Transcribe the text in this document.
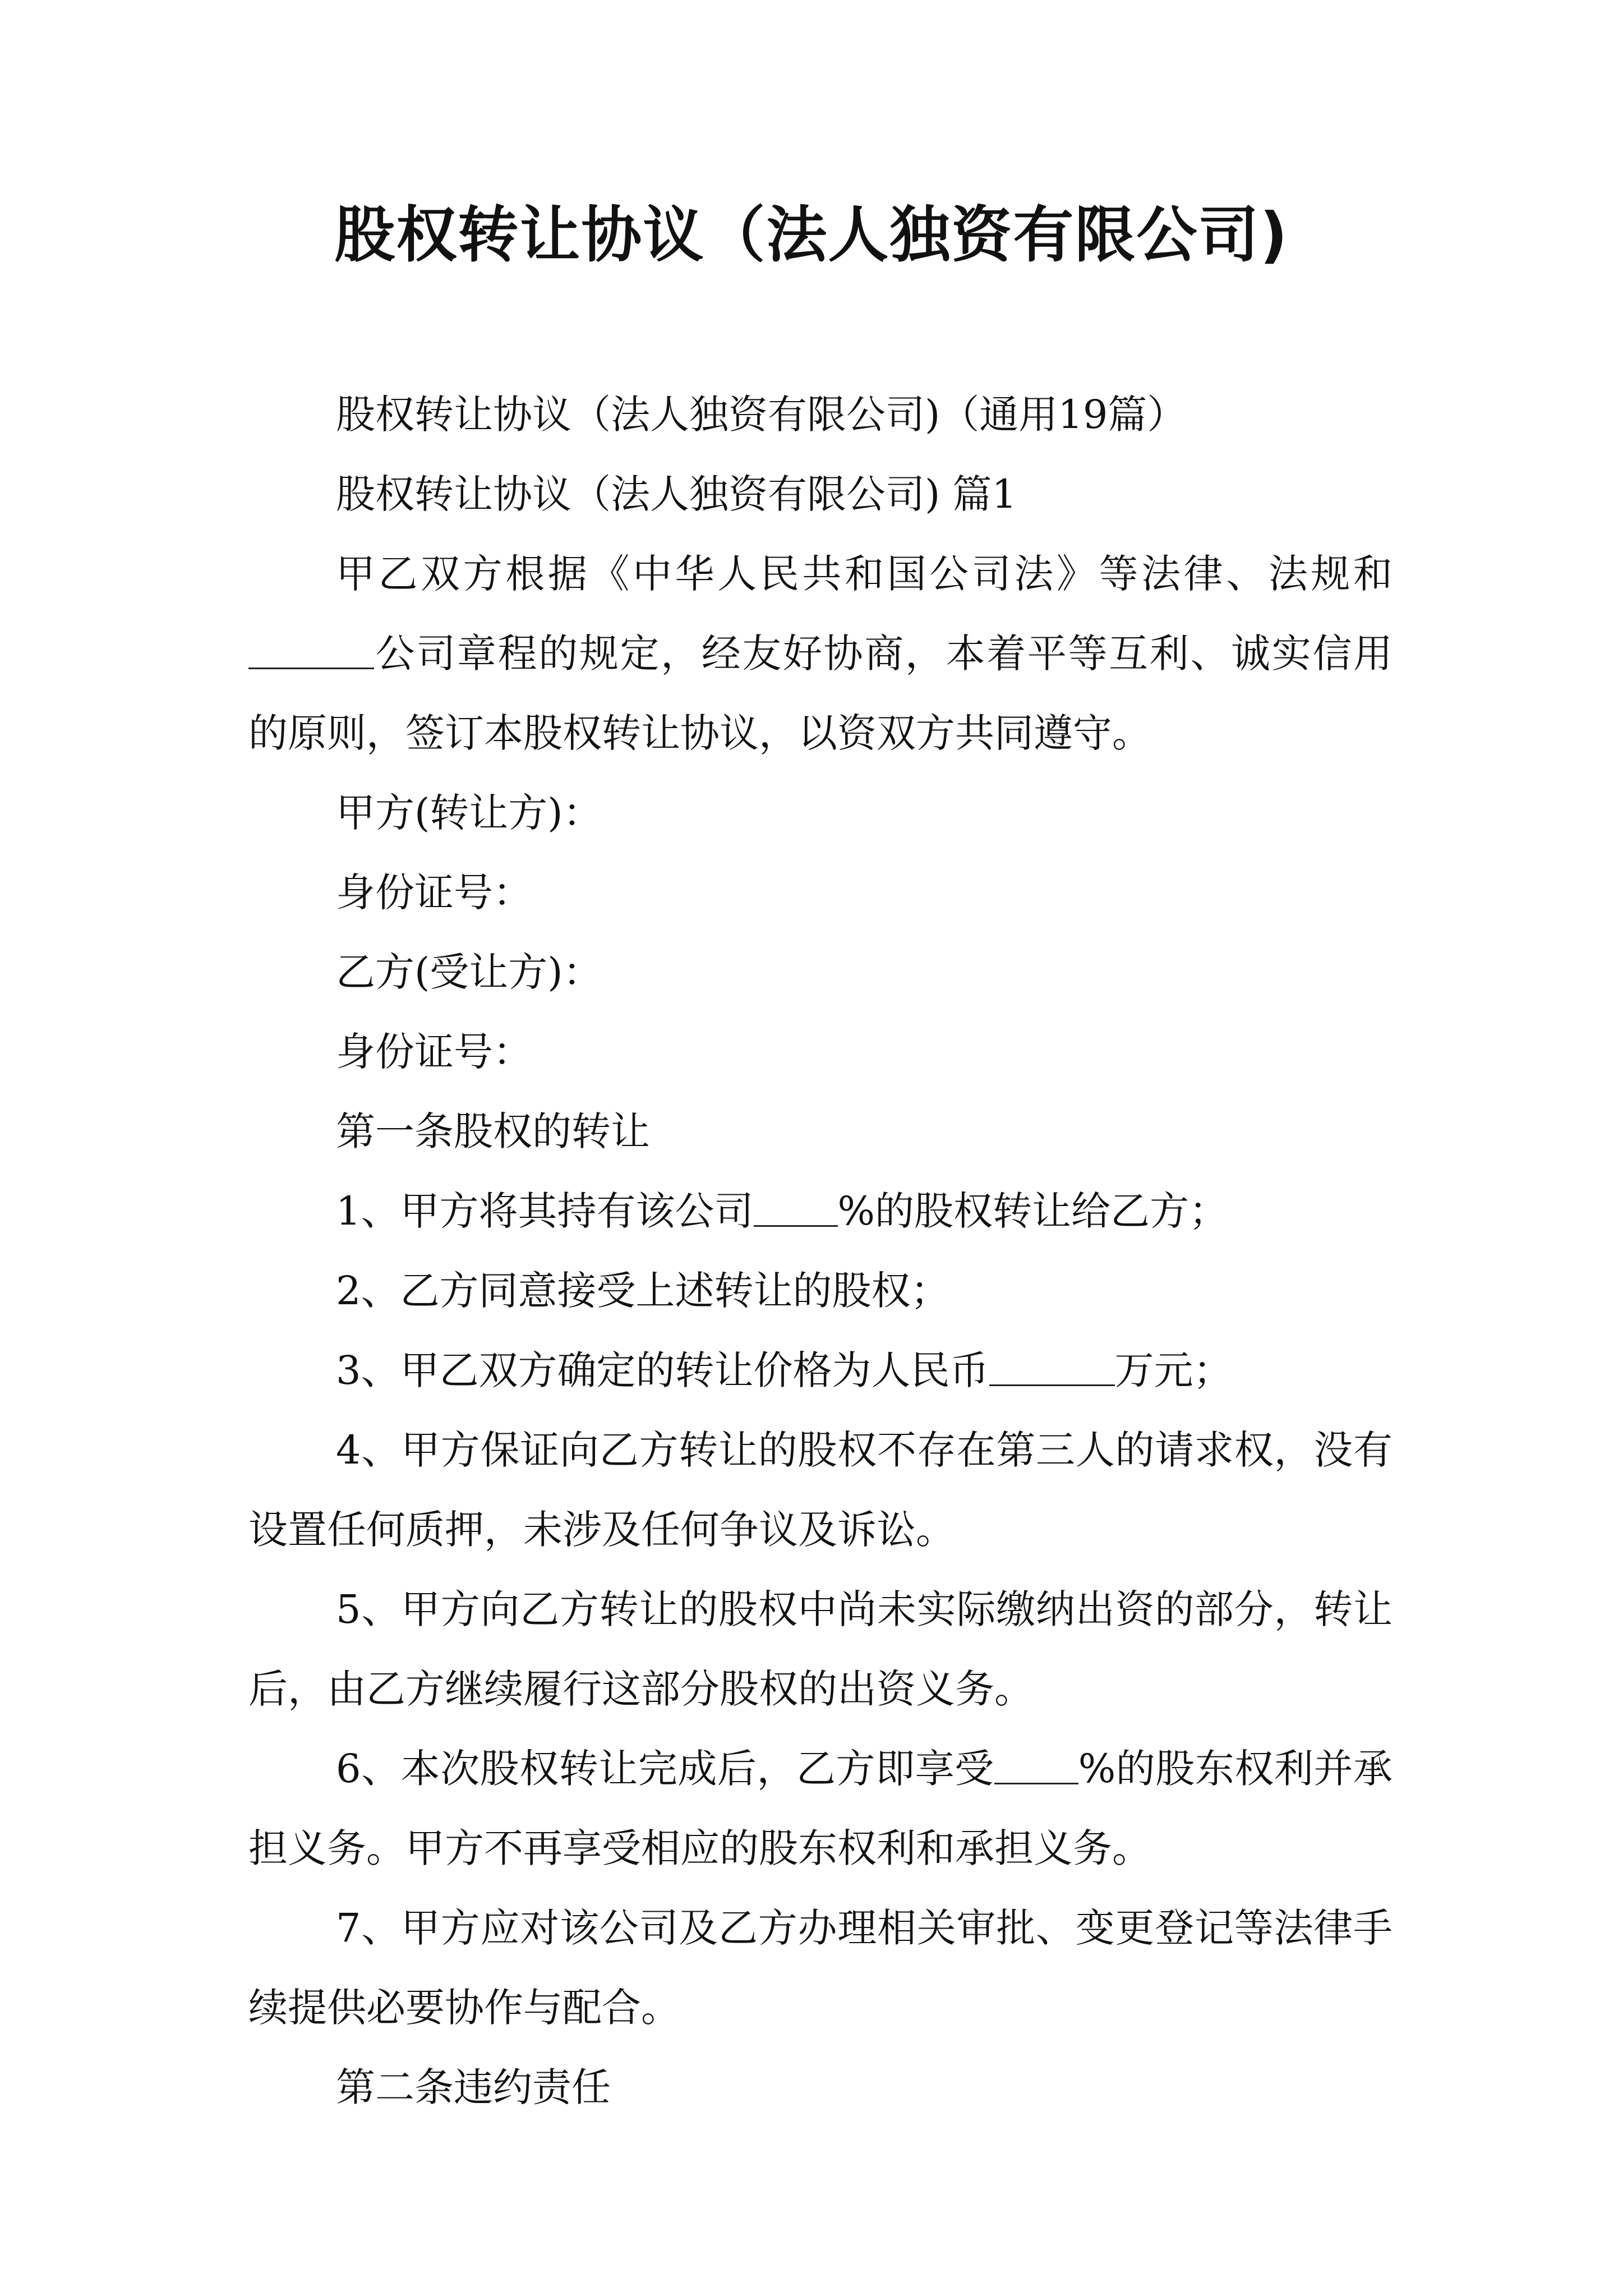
股权转让协议（法人独资有限公司)

股权转让协议（法人独资有限公司)（通用19篇）

股权转让协议（法人独资有限公司) 篇1

甲乙双方根据《中华人民共和国公司法》等法律、法规和公司章程的规定，经友好协商，本着平等互利、诚实信用的原则，签订本股权转让协议，以资双方共同遵守。

甲方(转让方)：

身份证号：

乙方(受让方)：

身份证号：

第一条股权的转让

1、甲方将其持有该公司 %的股权转让给乙方；

2、乙方同意接受上述转让的股权；

3、甲乙双方确定的转让价格为人民币	万元；

4、甲方保证向乙方转让的股权不存在第三人的请求权，没有设置任何质押，未涉及任何争议及诉讼。

5、甲方向乙方转让的股权中尚未实际缴纳出资的部分，转让后，由乙方继续履行这部分股权的出资义务。

6、本次股权转让完成后，乙方即享受 %的股东权利并承担义务。甲方不再享受相应的股东权利和承担义务。

7、甲方应对该公司及乙方办理相关审批、变更登记等法律手续提供必要协作与配合。

第二条违约责任
